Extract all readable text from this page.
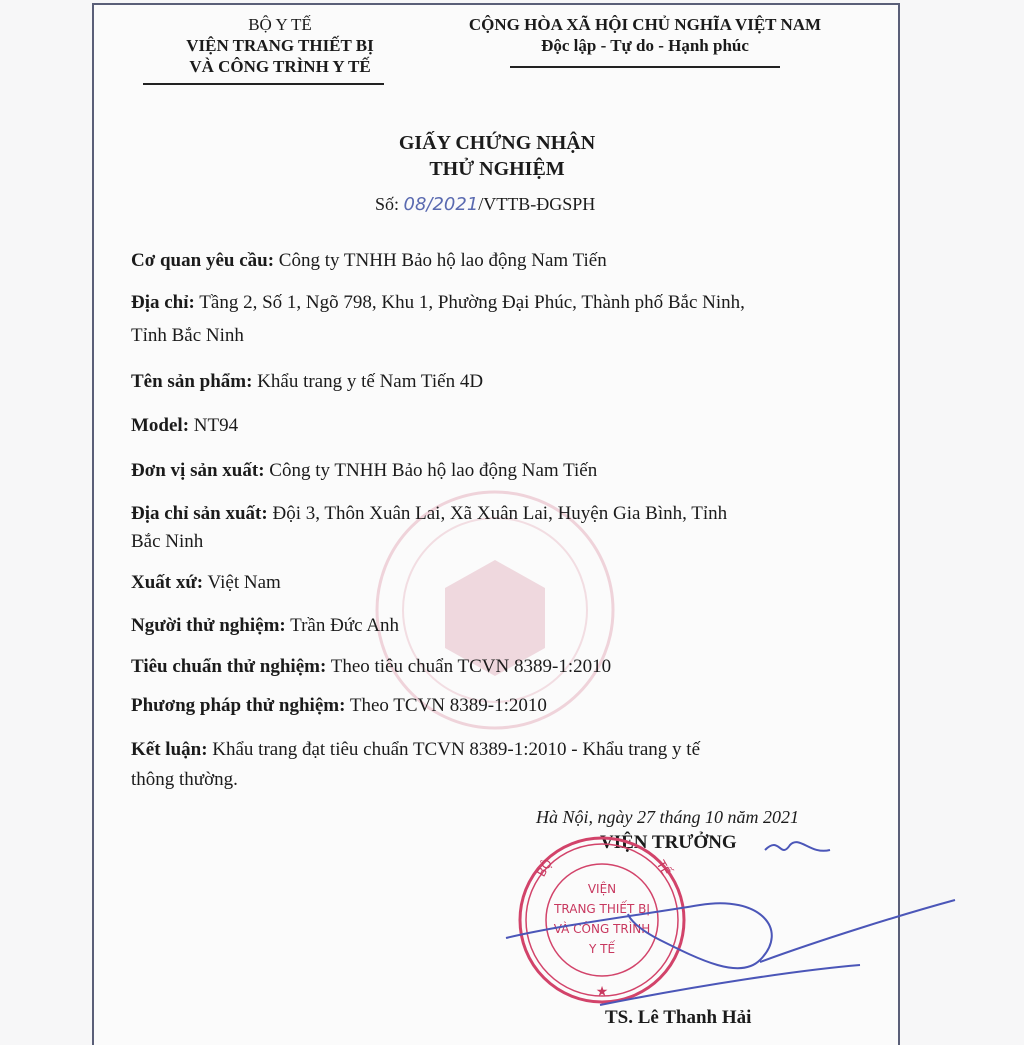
BỘ Y TẾ
VIỆN TRANG THIẾT BỊ
VÀ CÔNG TRÌNH Y TẾ
CỘNG HÒA XÃ HỘI CHỦ NGHĨA VIỆT NAM
Độc lập - Tự do - Hạnh phúc
GIẤY CHỨNG NHẬN
THỬ NGHIỆM
Số: 08/2021/VTTB-ĐGSPH
Cơ quan yêu cầu: Công ty TNHH Bảo hộ lao động Nam Tiến
Địa chỉ: Tầng 2, Số 1, Ngõ 798, Khu 1, Phường Đại Phúc, Thành phố Bắc Ninh,
Tỉnh Bắc Ninh
Tên sản phẩm: Khẩu trang y tế Nam Tiến 4D
Model: NT94
Đơn vị sản xuất: Công ty TNHH Bảo hộ lao động Nam Tiến
Địa chỉ sản xuất: Đội 3, Thôn Xuân Lai, Xã Xuân Lai, Huyện Gia Bình, Tỉnh
Bắc Ninh
Xuất xứ: Việt Nam
Người thử nghiệm: Trần Đức Anh
Tiêu chuẩn thử nghiệm: Theo tiêu chuẩn TCVN 8389-1:2010
Phương pháp thử nghiệm: Theo TCVN 8389-1:2010
Kết luận: Khẩu trang đạt tiêu chuẩn TCVN 8389-1:2010 - Khẩu trang y tế
thông thường.
Hà Nội, ngày 27 tháng 10 năm 2021
VIỆN TRƯỞNG
BỘ	TẾ
VIỆN
TRANG THIẾT BỊ
VÀ CÔNG TRÌNH
Y TẾ
★
TS. Lê Thanh Hải
